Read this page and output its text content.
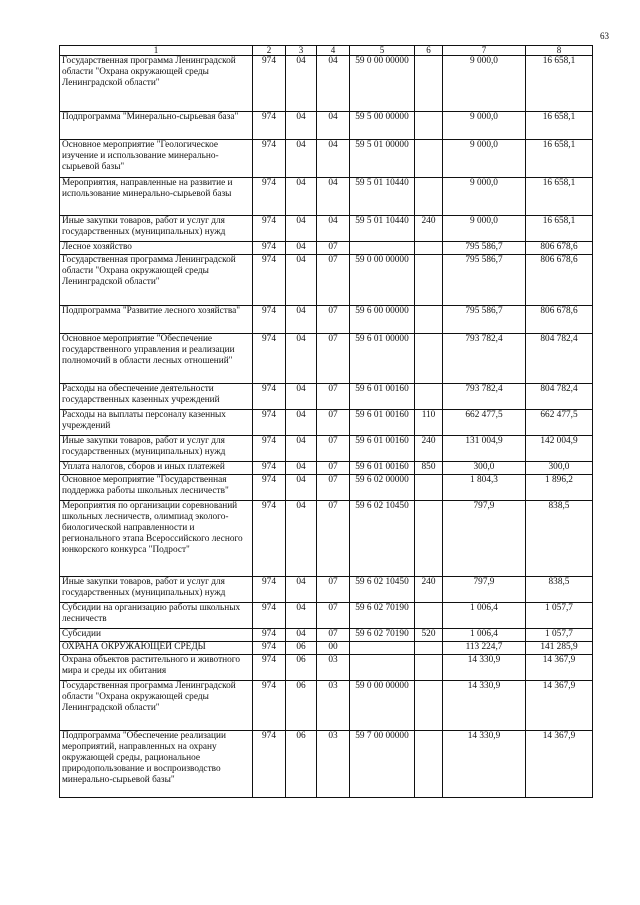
63
1	2	3	4	5	6	7	8
Государственная программа Ленинградской области "Охрана окружающей среды Ленинградской области"	974	04	04	59 0 00 00000		9 000,0	16 658,1
Подпрограмма "Минерально-сырьевая база"	974	04	04	59 5 00 00000		9 000,0	16 658,1
Основное мероприятие "Геологическое изучение и использование минерально-сырьевой базы"	974	04	04	59 5 01 00000		9 000,0	16 658,1
Мероприятия, направленные на развитие и использование минерально-сырьевой базы	974	04	04	59 5 01 10440		9 000,0	16 658,1
Иные закупки товаров, работ и услуг для государственных (муниципальных) нужд	974	04	04	59 5 01 10440	240	9 000,0	16 658,1
Лесное хозяйство	974	04	07			795 586,7	806 678,6
Государственная программа Ленинградской области "Охрана окружающей среды Ленинградской области"	974	04	07	59 0 00 00000		795 586,7	806 678,6
Подпрограмма "Развитие лесного хозяйства"	974	04	07	59 6 00 00000		795 586,7	806 678,6
Основное мероприятие "Обеспечение государственного управления и реализации полномочий в области лесных отношений"	974	04	07	59 6 01 00000		793 782,4	804 782,4
Расходы на обеспечение деятельности государственных казенных учреждений	974	04	07	59 6 01 00160		793 782,4	804 782,4
Расходы на выплаты персоналу казенных учреждений	974	04	07	59 6 01 00160	110	662 477,5	662 477,5
Иные закупки товаров, работ и услуг для государственных (муниципальных) нужд	974	04	07	59 6 01 00160	240	131 004,9	142 004,9
Уплата налогов, сборов и иных платежей	974	04	07	59 6 01 00160	850	300,0	300,0
Основное мероприятие "Государственная поддержка работы школьных лесничеств"	974	04	07	59 6 02 00000		1 804,3	1 896,2
Мероприятия по организации соревнований школьных лесничеств, олимпиад эколого-биологической направленности и регионального этапа Всероссийского лесного юнкорского конкурса "Подрост"	974	04	07	59 6 02 10450		797,9	838,5
Иные закупки товаров, работ и услуг для государственных (муниципальных) нужд	974	04	07	59 6 02 10450	240	797,9	838,5
Субсидии на организацию работы школьных лесничеств	974	04	07	59 6 02 70190		1 006,4	1 057,7
Субсидии	974	04	07	59 6 02 70190	520	1 006,4	1 057,7
ОХРАНА ОКРУЖАЮЩЕЙ СРЕДЫ	974	06	00			113 224,7	141 285,9
Охрана объектов растительного и животного мира и среды их обитания	974	06	03			14 330,9	14 367,9
Государственная программа Ленинградской области "Охрана окружающей среды Ленинградской области"	974	06	03	59 0 00 00000		14 330,9	14 367,9
Подпрограмма "Обеспечение реализации мероприятий, направленных на охрану окружающей среды, рациональное природопользование и воспроизводство минерально-сырьевой базы"	974	06	03	59 7 00 00000		14 330,9	14 367,9
